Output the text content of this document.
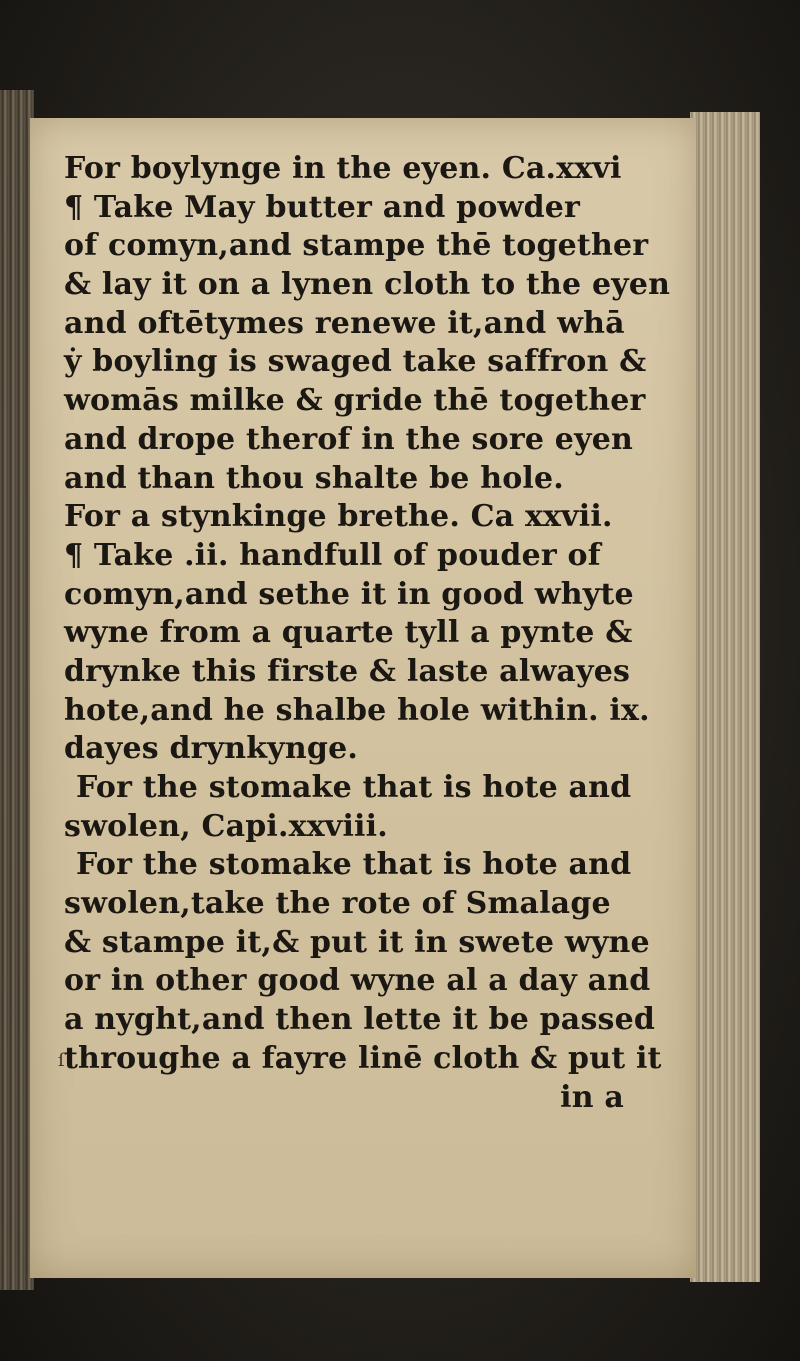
For boylynge in the eyen. Ca.xxvi
¶ Take May butter and powder
of comyn,and stampe thē together
& lay it on a lynen cloth to the eyen
and oftētymes renewe it,and whā
ẏ boyling is swaged take saffron &
womās milke & gride thē together
and drope therof in the sore eyen
and than thou shalte be hole.
For a stynkinge brethe. Ca xxvii.
¶ Take .ii. handfull of pouder of
comyn,and sethe it in good whyte
wyne from a quarte tyll a pynte &
drynke this firste & laste alwayes
hote,and he shalbe hole within. ix.
dayes drynkynge.
For the stomake that is hote and
swolen, Capi.xxviii.
For the stomake that is hote and
swolen,take the rote of Smalage
& stampe it,& put it in swete wyne
or in other good wyne al a day and
a nyght,and then lette it be passed
throughe a fayre linē cloth & put it
in a
ſ
